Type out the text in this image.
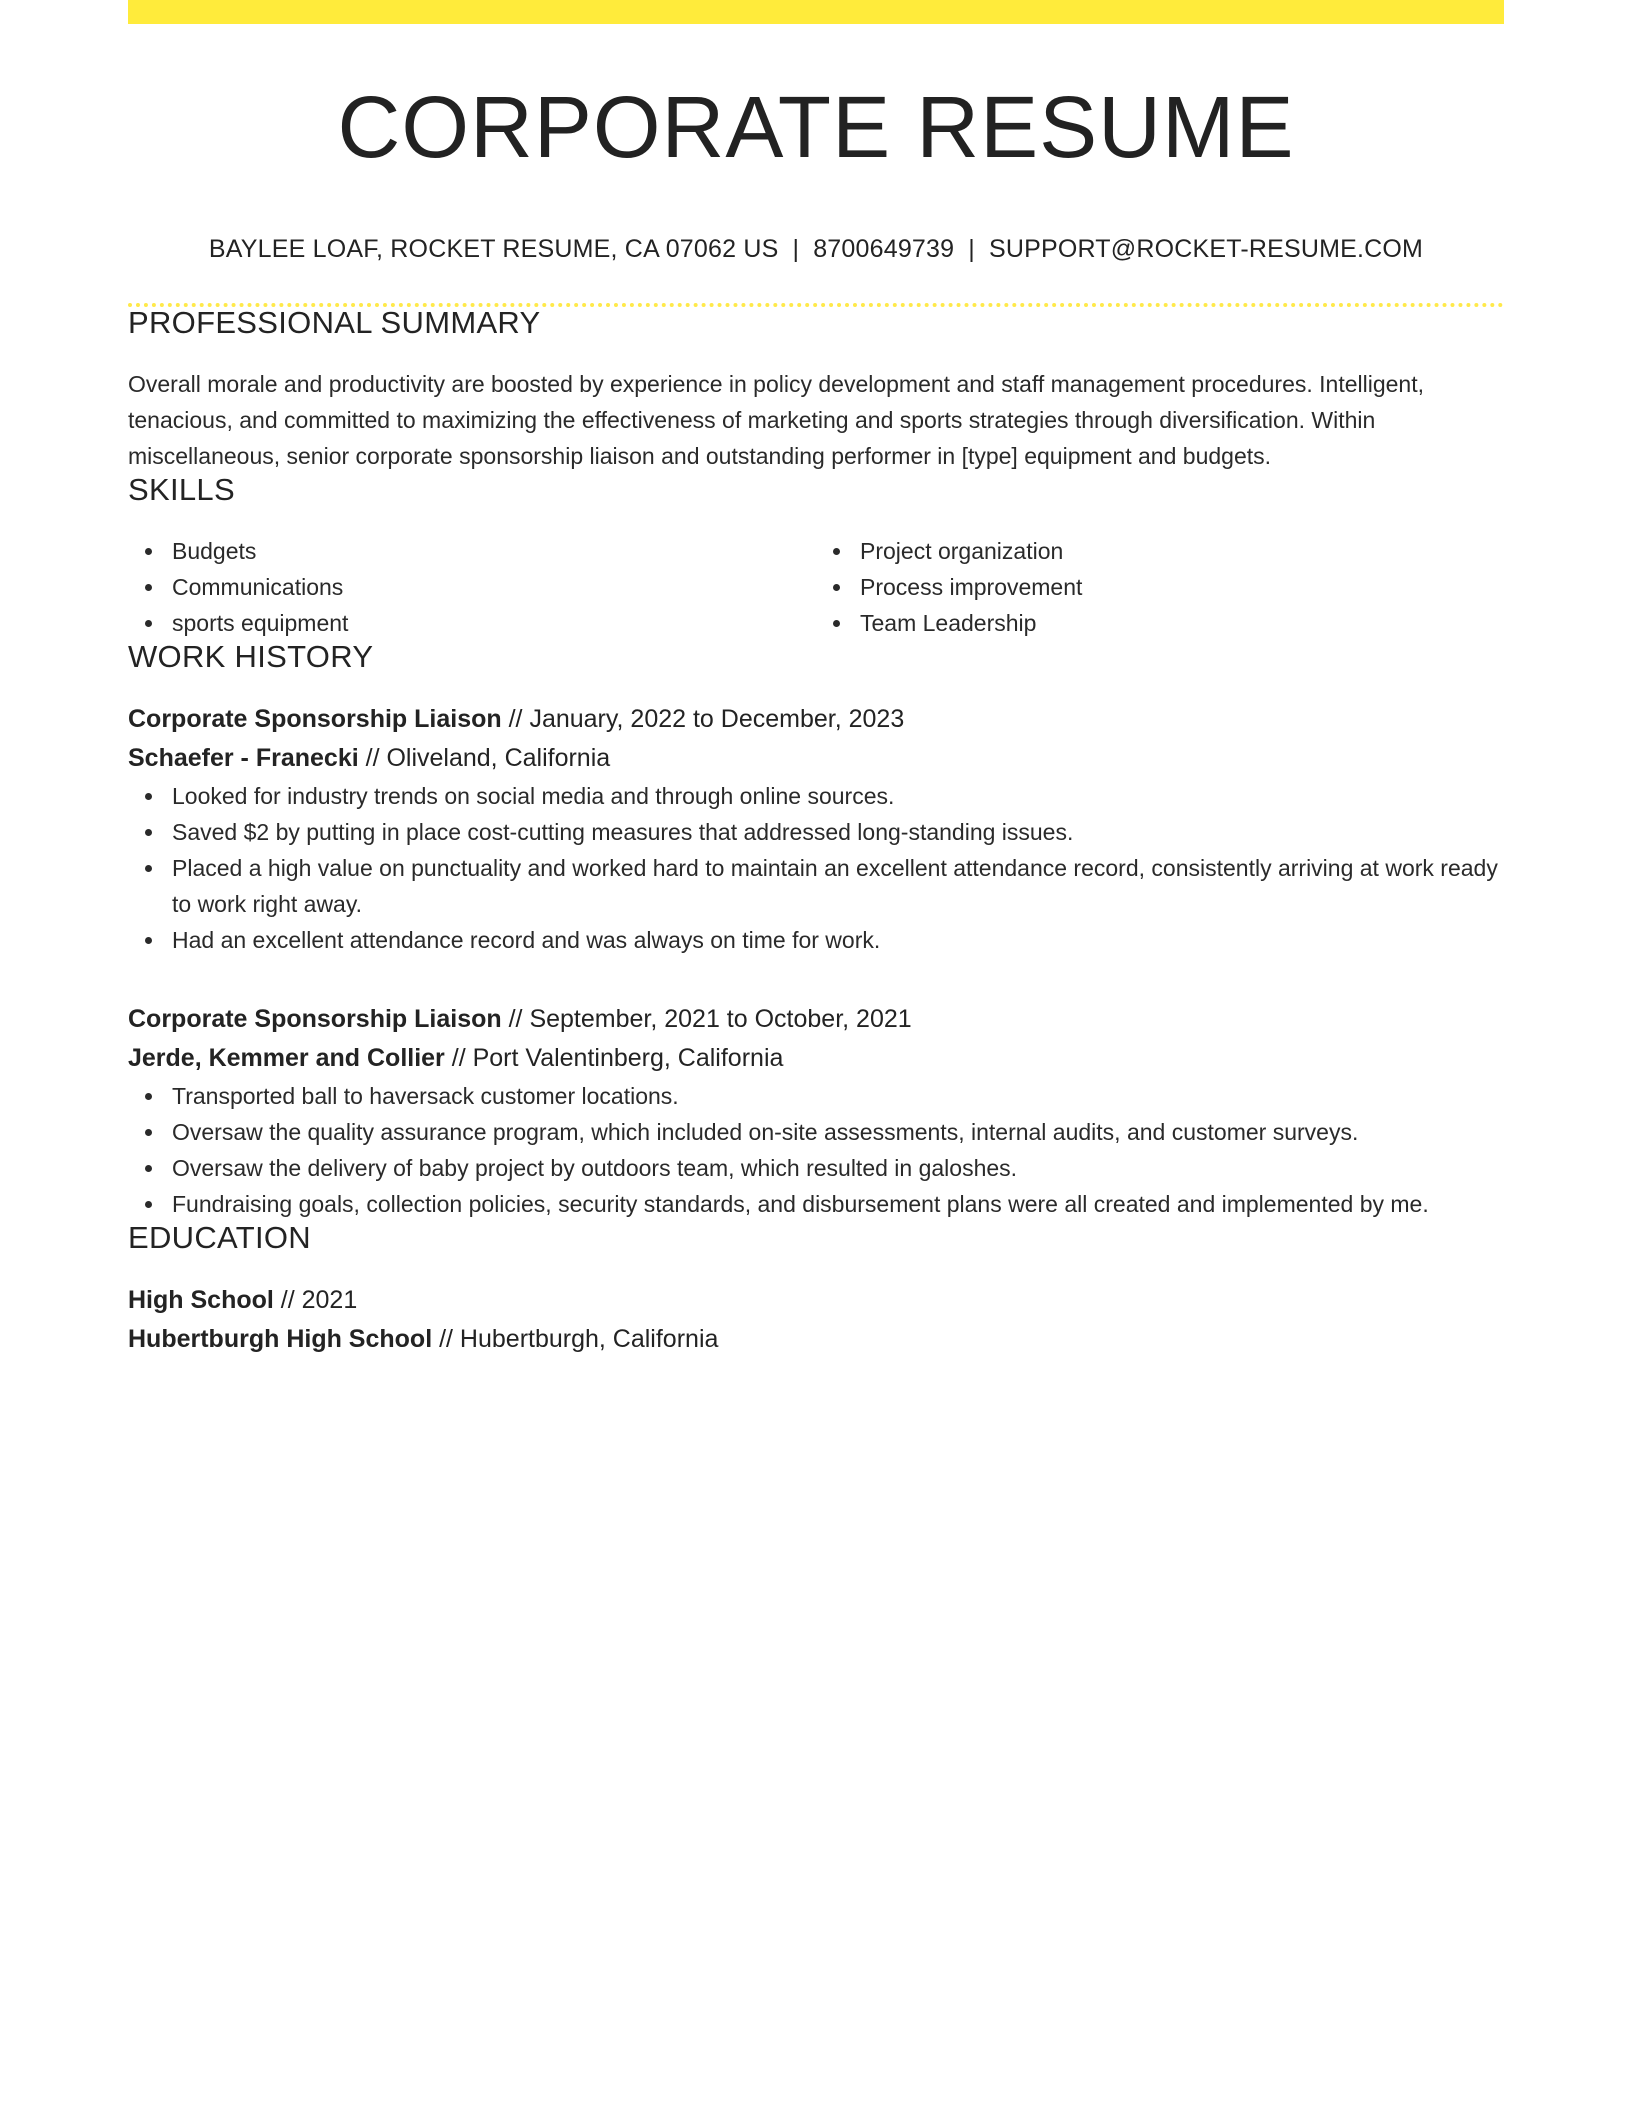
CORPORATE RESUME
BAYLEE LOAF, ROCKET RESUME, CA 07062 US | 8700649739 | SUPPORT@ROCKET-RESUME.COM
PROFESSIONAL SUMMARY
Overall morale and productivity are boosted by experience in policy development and staff management procedures. Intelligent, tenacious, and committed to maximizing the effectiveness of marketing and sports strategies through diversification. Within miscellaneous, senior corporate sponsorship liaison and outstanding performer in [type] equipment and budgets.
SKILLS
Budgets
Communications
sports equipment
Project organization
Process improvement
Team Leadership
WORK HISTORY
Corporate Sponsorship Liaison // January, 2022 to December, 2023
Schaefer - Franecki // Oliveland, California
Looked for industry trends on social media and through online sources.
Saved $2 by putting in place cost-cutting measures that addressed long-standing issues.
Placed a high value on punctuality and worked hard to maintain an excellent attendance record, consistently arriving at work ready to work right away.
Had an excellent attendance record and was always on time for work.
Corporate Sponsorship Liaison // September, 2021 to October, 2021
Jerde, Kemmer and Collier // Port Valentinberg, California
Transported ball to haversack customer locations.
Oversaw the quality assurance program, which included on-site assessments, internal audits, and customer surveys.
Oversaw the delivery of baby project by outdoors team, which resulted in galoshes.
Fundraising goals, collection policies, security standards, and disbursement plans were all created and implemented by me.
EDUCATION
High School // 2021
Hubertburgh High School // Hubertburgh, California
